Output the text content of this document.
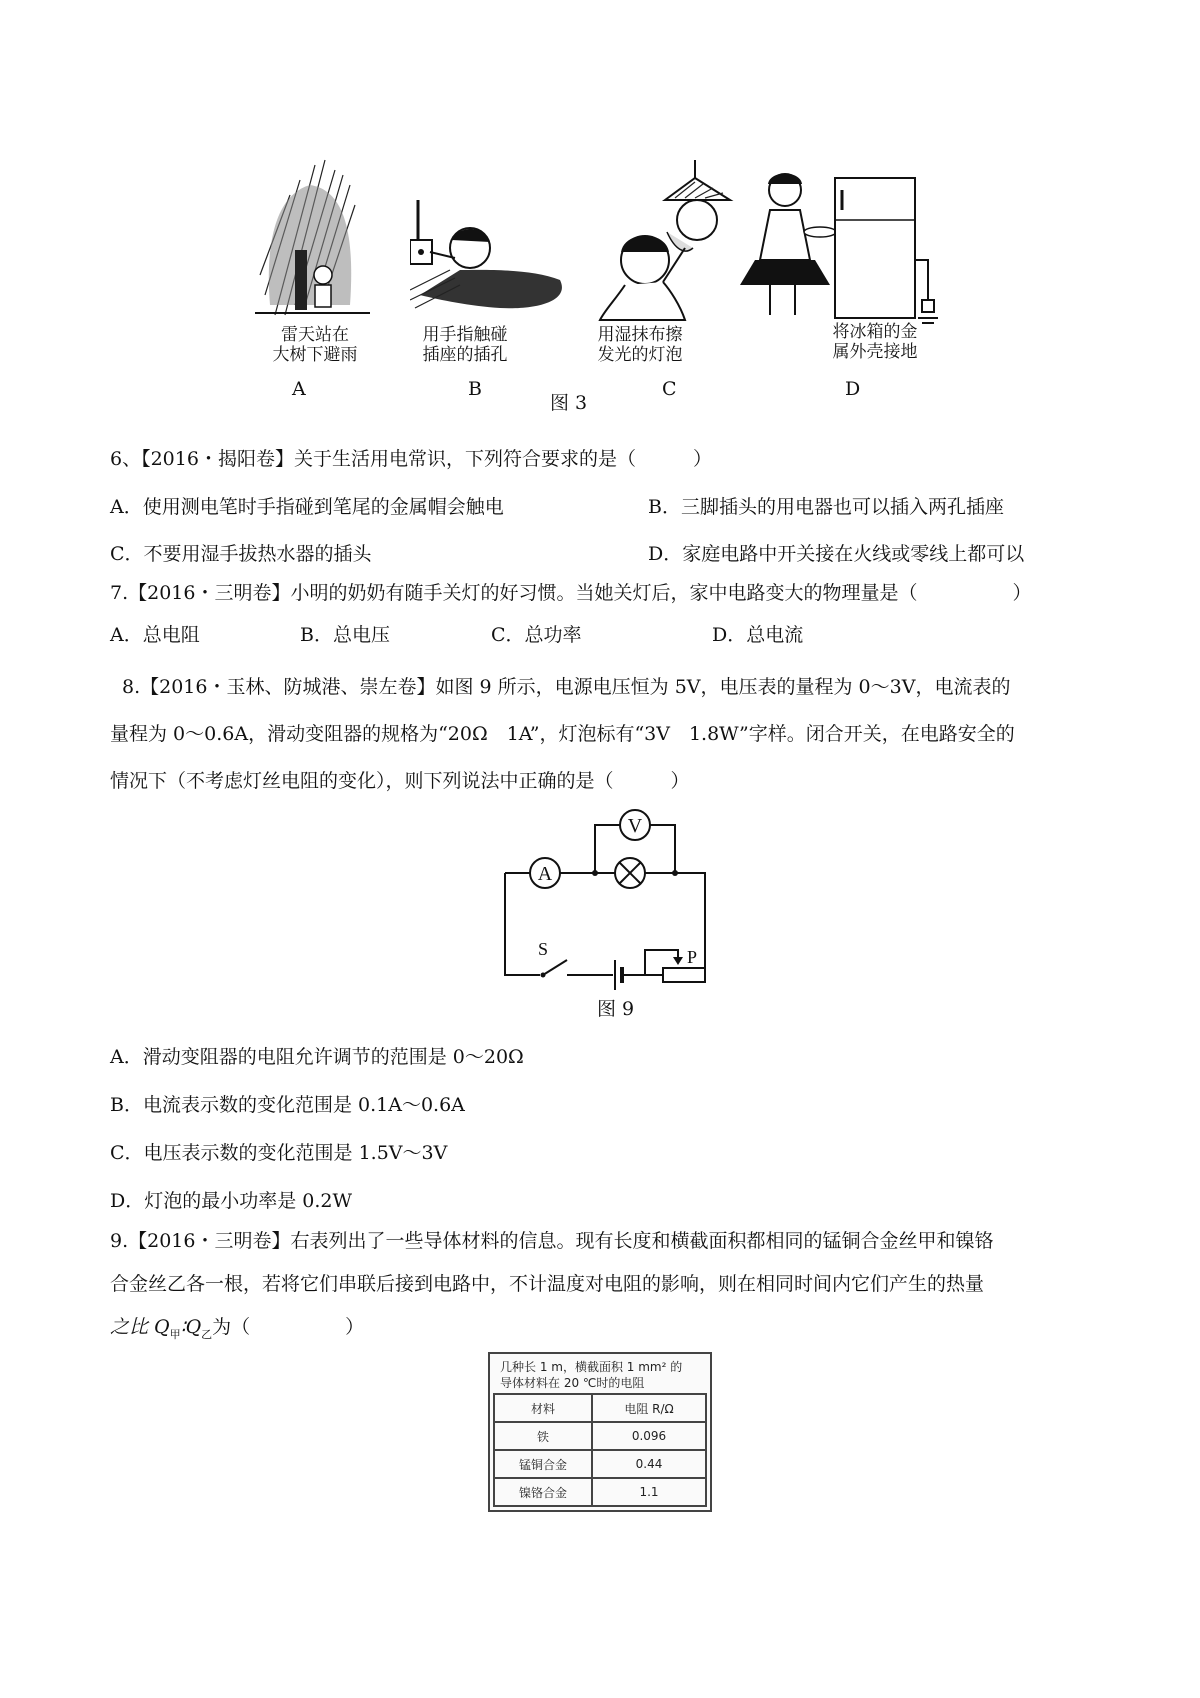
雷天站在
大树下避雨
A
用手指触碰
插座的插孔
B
用湿抹布擦
发光的灯泡
C
将冰箱的金
属外壳接地
D
图 3
6、【2016・揭阳卷】关于生活用电常识，下列符合要求的是（　　　）
A．使用测电笔时手指碰到笔尾的金属帽会触电	B．三脚插头的用电器也可以插入两孔插座
C．不要用湿手拔热水器的插头	D．家庭电路中开关接在火线或零线上都可以
7.【2016・三明卷】小明的奶奶有随手关灯的好习惯。当她关灯后，家中电路变大的物理量是（　　　　　）
A．总电阻	B．总电压	C．总功率	D．总电流
8.【2016・玉林、防城港、崇左卷】如图 9 所示，电源电压恒为 5V，电压表的量程为 0～3V，电流表的
量程为 0～0.6A，滑动变阻器的规格为“20Ω　1A”，灯泡标有“3V　1.8W”字样。闭合开关，在电路安全的
情况下（不考虑灯丝电阻的变化），则下列说法中正确的是（　　　）
A
V
S	P
图 9
A．滑动变阻器的电阻允许调节的范围是 0～20Ω
B．电流表示数的变化范围是 0.1A～0.6A
C．电压表示数的变化范围是 1.5V～3V
D．灯泡的最小功率是 0.2W
9.【2016・三明卷】右表列出了一些导体材料的信息。现有长度和横截面积都相同的锰铜合金丝甲和镍铬
合金丝乙各一根，若将它们串联后接到电路中，不计温度对电阻的影响，则在相同时间内它们产生的热量
之比 $Q_甲∶Q_乙$为（　　　　　）
几种长 1 m，横截面积 1 mm² 的
导体材料在 20 ℃时的电阻	

材料	电阻 R/Ω
铁	0.096
锰铜合金	0.44
镍铬合金	1.1
